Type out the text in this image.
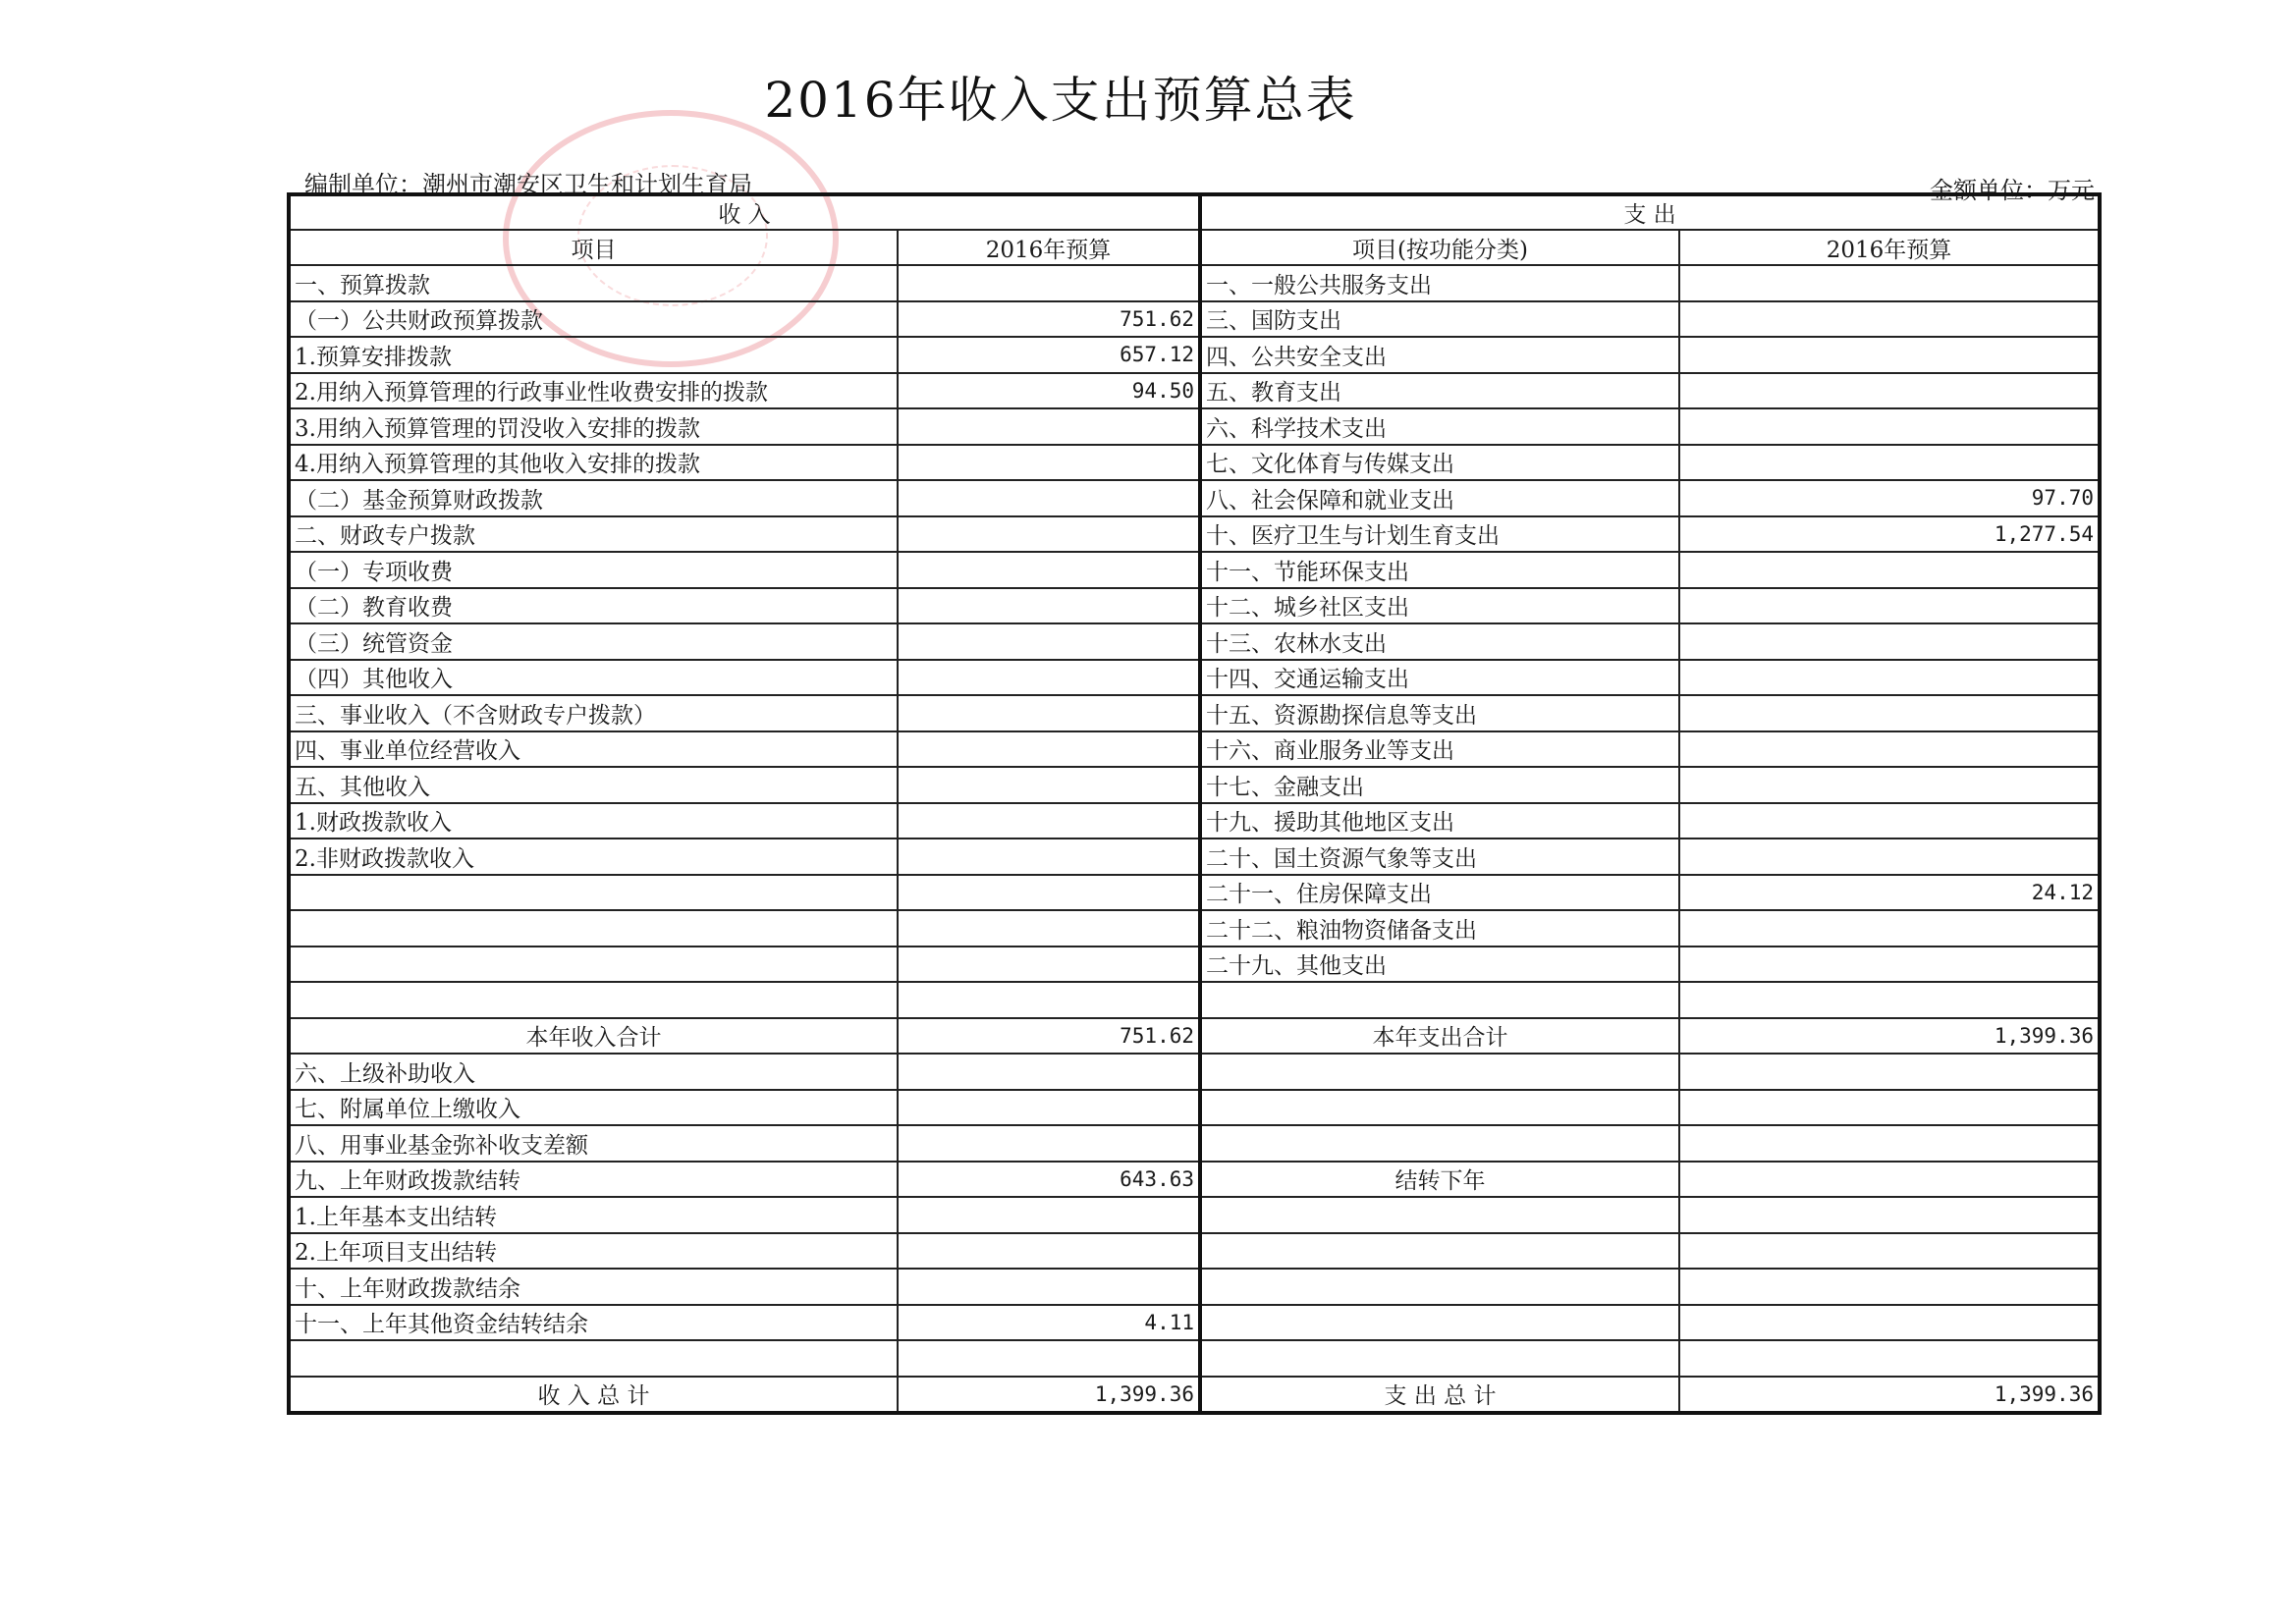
2016年收入支出预算总表
编制单位：潮州市潮安区卫生和计划生育局	金额单位：万元
收 入		支 出	
项目	2016年预算	项目(按功能分类)	2016年预算
一、预算拨款		一、一般公共服务支出	
（一）公共财政预算拨款	751.62	三、国防支出	
1.预算安排拨款	657.12	四、公共安全支出	
2.用纳入预算管理的行政事业性收费安排的拨款	94.50	五、教育支出	
3.用纳入预算管理的罚没收入安排的拨款		六、科学技术支出	
4.用纳入预算管理的其他收入安排的拨款		七、文化体育与传媒支出	
（二）基金预算财政拨款		八、社会保障和就业支出	97.70
二、财政专户拨款		十、医疗卫生与计划生育支出	1,277.54
（一）专项收费		十一、节能环保支出	
（二）教育收费		十二、城乡社区支出	
（三）统管资金		十三、农林水支出	
（四）其他收入		十四、交通运输支出	
三、事业收入（不含财政专户拨款）		十五、资源勘探信息等支出	
四、事业单位经营收入		十六、商业服务业等支出	
五、其他收入		十七、金融支出	
1.财政拨款收入		十九、援助其他地区支出	
2.非财政拨款收入		二十、国土资源气象等支出	
		二十一、住房保障支出	24.12
		二十二、粮油物资储备支出	
		二十九、其他支出	

本年收入合计	751.62	本年支出合计	1,399.36
六、上级补助收入			
七、附属单位上缴收入			
八、用事业基金弥补收支差额			
九、上年财政拨款结转	643.63	结转下年	
1.上年基本支出结转			
2.上年项目支出结转			
十、上年财政拨款结余			
十一、上年其他资金结转结余	4.11		

收 入 总 计	1,399.36	支 出 总 计	1,399.36
